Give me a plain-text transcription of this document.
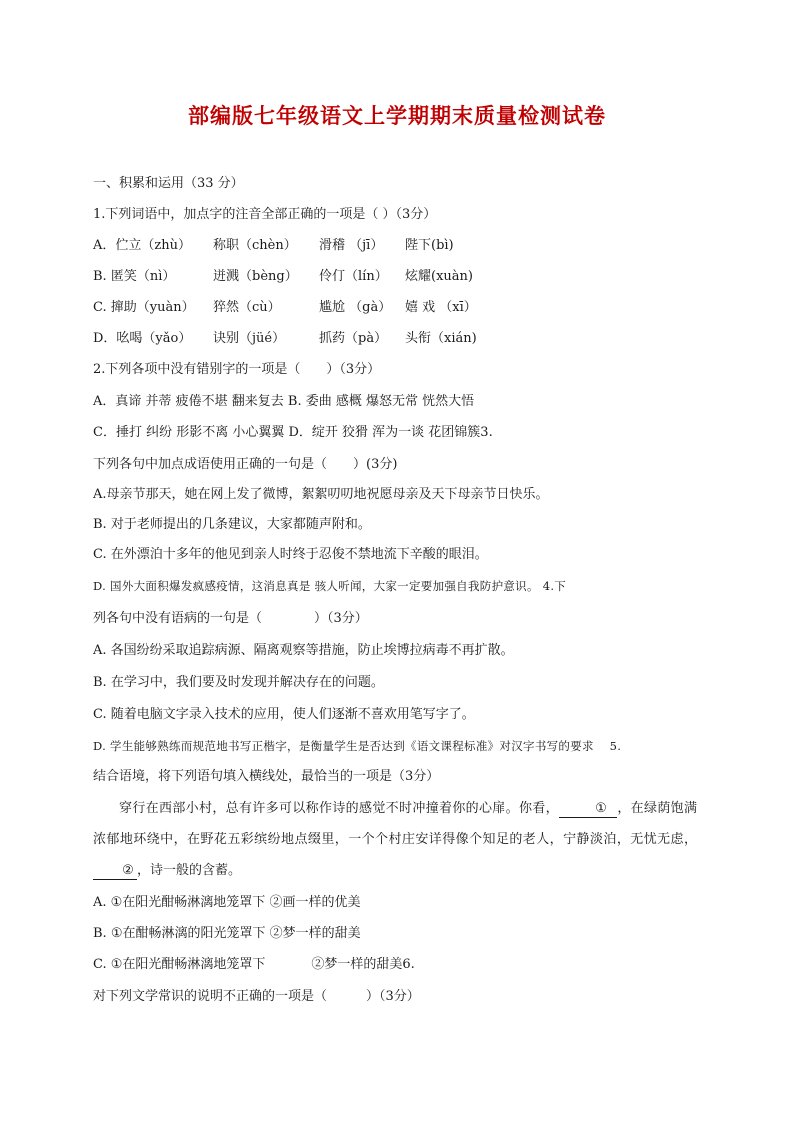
部编版七年级语文上学期期末质量检测试卷
一、积累和运用（33 分）
1.下列词语中，加点字的注音全部正确的一项是（ ）（3分）
A．伫立（zhù） 称职（chèn） 滑稽 （jī） 陛下(bì)
B. 匿笑（nì）	迸溅（bèng） 伶仃（lín） 炫耀(xuàn)
C. 撺助（yuàn） 猝然（cù）	尴尬 （gà） 嬉 戏 （xī）
D．吆喝（yǎo） 诀别（jüé）	抓药（pà） 头衔（xián)
2.下列各项中没有错别字的一项是（　　）（3分）
A．真谛 并蒂 疲倦不堪 翻来复去 B. 委曲 感概 爆怒无常 恍然大悟
C．捶打 纠纷 形影不离 小心翼翼 D．绽开 狡猾 浑为一谈 花团锦簇3.
下列各句中加点成语使用正确的一句是（　　）(3分)
A.母亲节那天，她在网上发了微博，絮絮叨叨地祝愿母亲及天下母亲节日快乐。
B. 对于老师提出的几条建议，大家都随声附和。
C. 在外漂泊十多年的他见到亲人时终于忍俊不禁地流下辛酸的眼泪。
D. 国外大面积爆发疯感疫情，这消息真是 骇人听闻，大家一定要加强自我防护意识。 4.下
列各句中没有语病的一句是（　　　　）（3分）
A. 各国纷纷采取追踪病源、隔离观察等措施，防止埃博拉病毒不再扩散。
B. 在学习中，我们要及时发现并解决存在的问题。
C. 随着电脑文字录入技术的应用，使人们逐渐不喜欢用笔写字了。
D. 学生能够熟练而规范地书写正楷字，是衡量学生是否达到《语文课程标准》对汉字书写的要求　 5.
结合语境，将下列语句填入横线处，最恰当的一项是（3分）
穿行在西部小村，总有许多可以称作诗的感觉不时冲撞着你的心扉。你看，	① ，在绿荫饱满浓郁地环绕中，在野花五彩缤纷地点缀里，一个个村庄安详得像个知足的老人，宁静淡泊，无忧无虑，② ，诗一般的含蓄。
A. ①在阳光酣畅淋漓地笼罩下 ②画一样的优美
B. ①在酣畅淋漓的阳光笼罩下 ②梦一样的甜美
C. ①在阳光酣畅淋漓地笼罩下	②梦一样的甜美6.
对下列文学常识的说明不正确的一项是（　　　）（3分）
